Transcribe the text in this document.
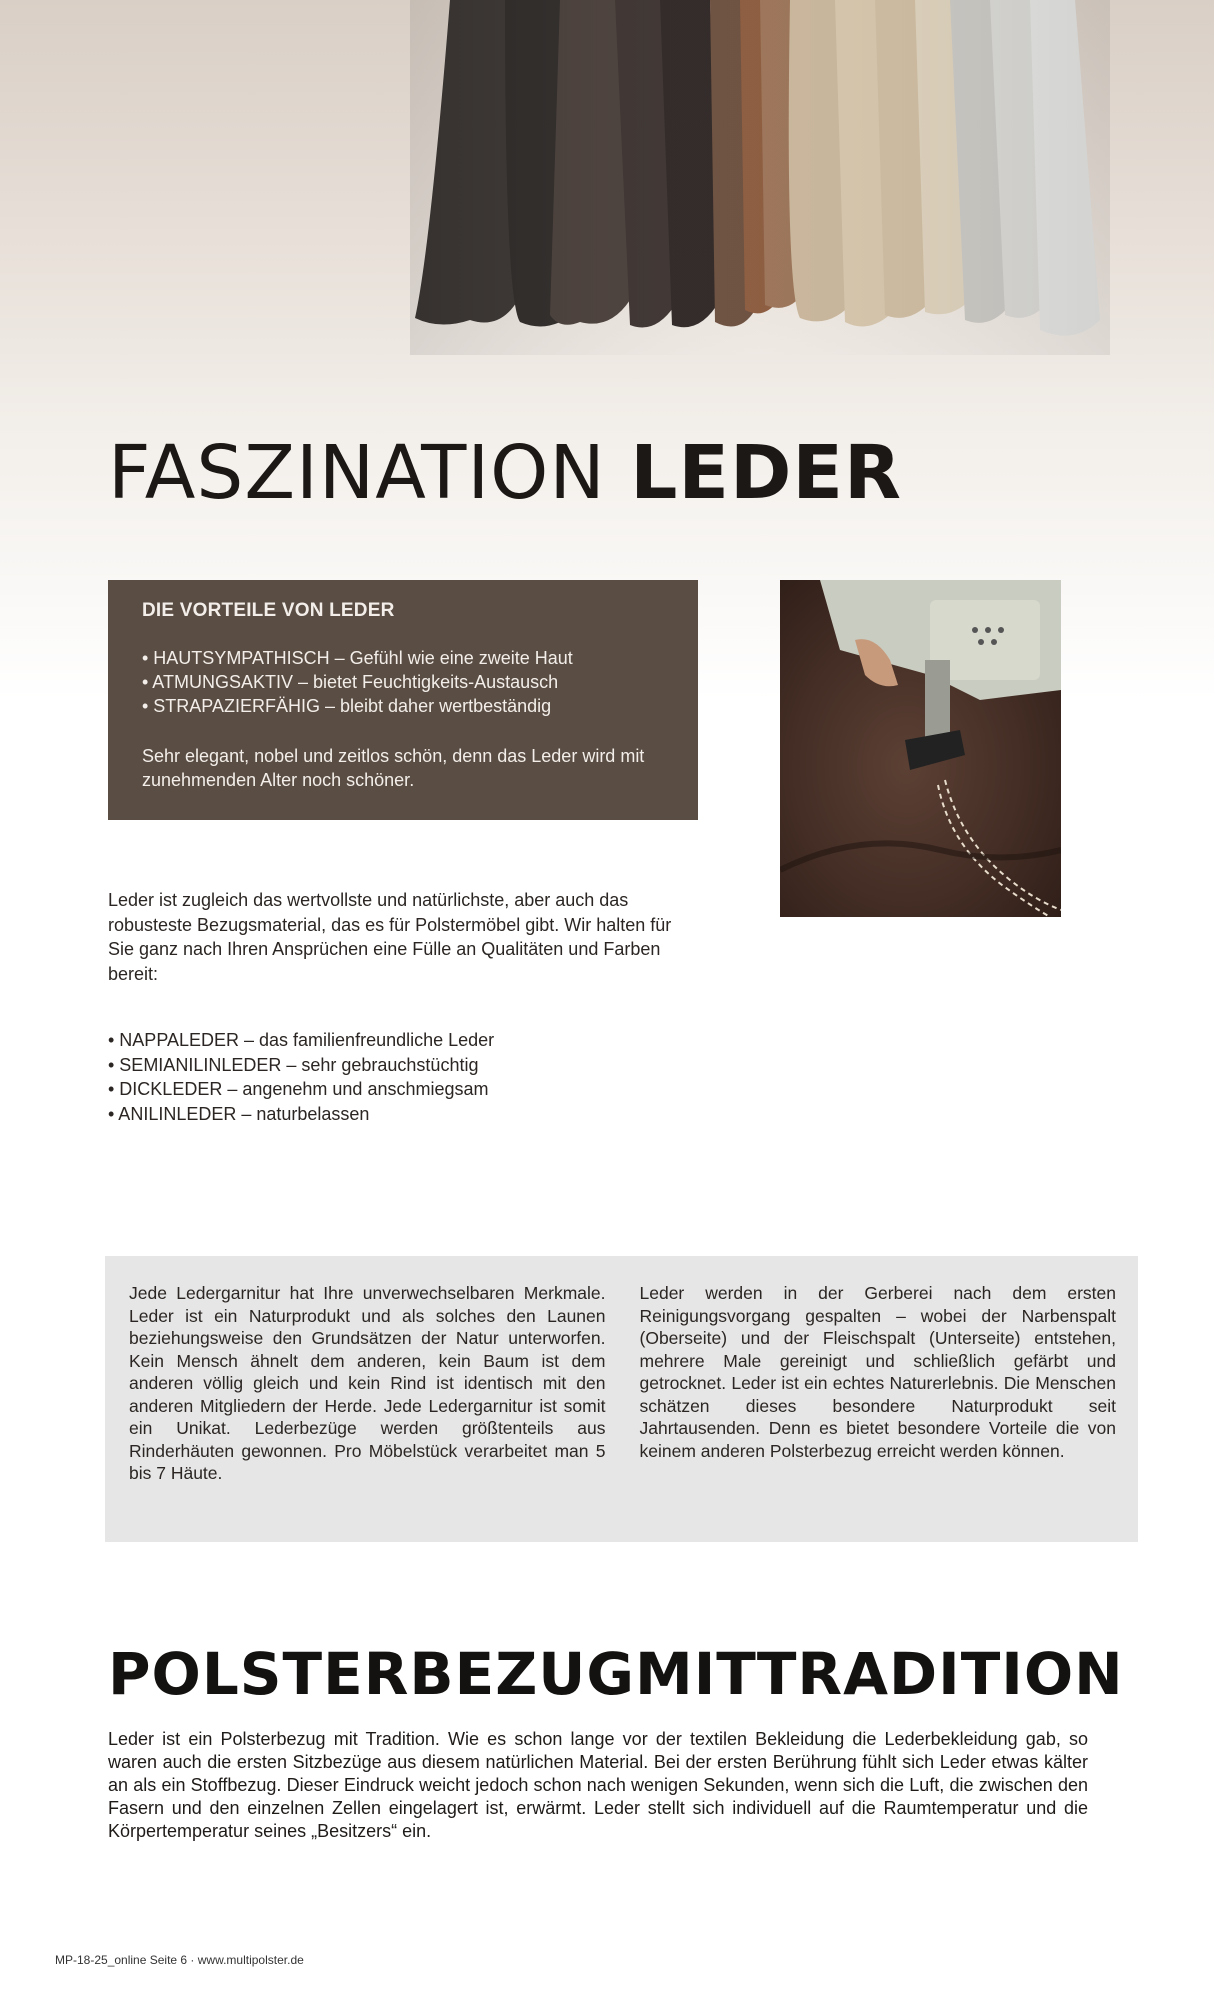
FASZINATION LEDER
DIE VORTEILE VON LEDER
• HAUTSYMPATHISCH – Gefühl wie eine zweite Haut
• ATMUNGSAKTIV – bietet Feuchtigkeits-Austausch
• STRAPAZIERFÄHIG – bleibt daher wertbeständig

Sehr elegant, nobel und zeitlos schön, denn das Leder wird mit zunehmenden Alter noch schöner.

Leder ist zugleich das wertvollste und natürlichste, aber auch das robusteste Bezugsmaterial, das es für Polstermöbel gibt. Wir halten für Sie ganz nach Ihren Ansprüchen eine Fülle an Qualitäten und Farben bereit:

• NAPPALEDER – das familienfreundliche Leder
• SEMIANILINLEDER – sehr gebrauchstüchtig
• DICKLEDER – angenehm und anschmiegsam
• ANILINLEDER – naturbelassen

Jede Ledergarnitur hat Ihre unverwechselbaren Merkmale. Leder ist ein Naturprodukt und als solches den Launen beziehungsweise den Grundsätzen der Natur unterworfen. Kein Mensch ähnelt dem anderen, kein Baum ist dem anderen völlig gleich und kein Rind ist identisch mit den anderen Mitgliedern der Herde. Jede Ledergarnitur ist somit ein Unikat. Lederbezüge werden größtenteils aus Rinderhäuten gewonnen. Pro Möbelstück verarbeitet man 5 bis 7 Häute.

Leder werden in der Gerberei nach dem ersten Reinigungsvorgang gespalten – wobei der Narbenspalt (Oberseite) und der Fleischspalt (Unterseite) entstehen, mehrere Male gereinigt und schließlich gefärbt und getrocknet. Leder ist ein echtes Naturerlebnis. Die Menschen schätzen dieses besondere Naturprodukt seit Jahrtausenden. Denn es bietet besondere Vorteile die von keinem anderen Polsterbezug erreicht werden können.

POLSTERBEZUG MIT TRADITION

Leder ist ein Polsterbezug mit Tradition. Wie es schon lange vor der textilen Bekleidung die Lederbekleidung gab, so waren auch die ersten Sitzbezüge aus diesem natürlichen Material. Bei der ersten Berührung fühlt sich Leder etwas kälter an als ein Stoffbezug. Dieser Eindruck weicht jedoch schon nach wenigen Sekunden, wenn sich die Luft, die zwischen den Fasern und den einzelnen Zellen eingelagert ist, erwärmt. Leder stellt sich individuell auf die Raumtemperatur und die Körpertemperatur seines „Besitzers“ ein.

MP-18-25_online Seite 6 · www.multipolster.de
